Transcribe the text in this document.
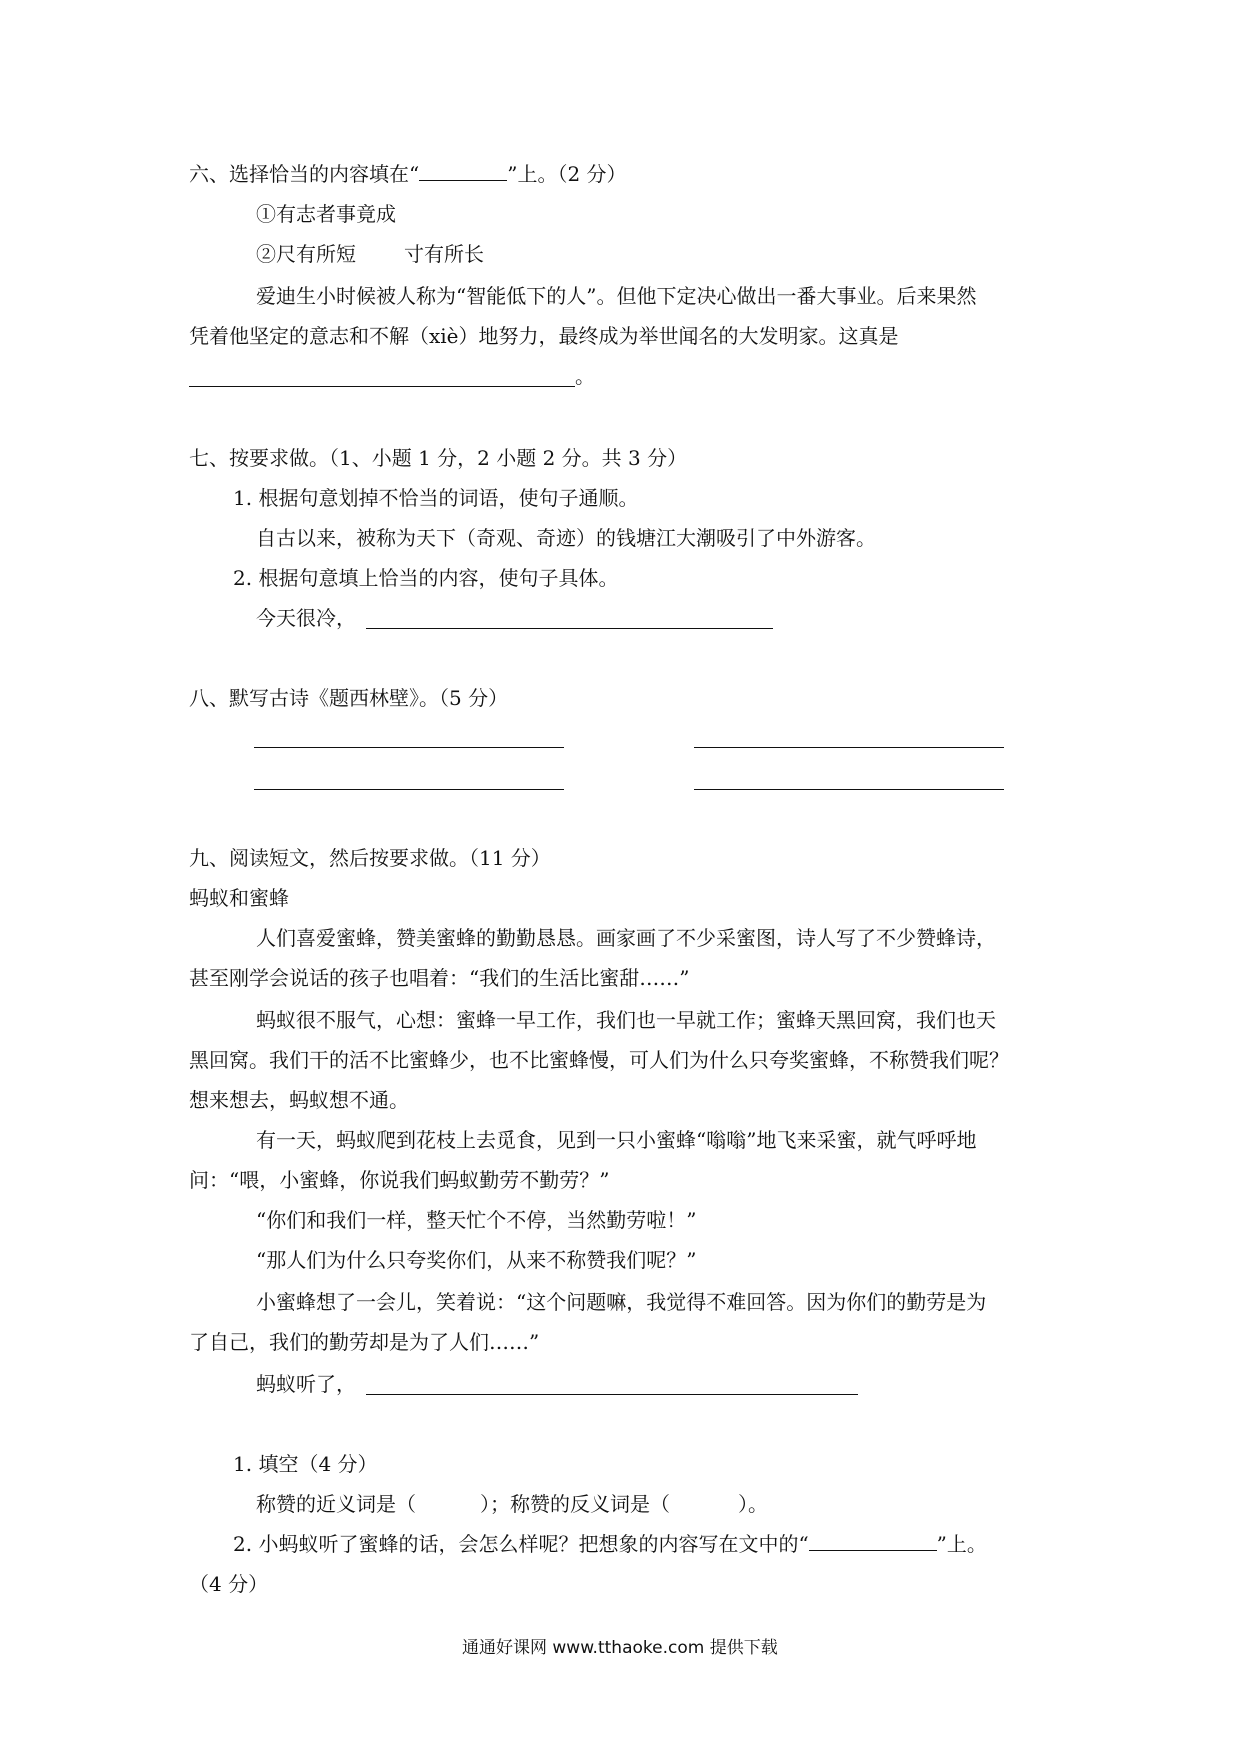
六、选择恰当的内容填在“	”上。（2 分）
①有志者事竟成
②尺有所短 寸有所长
爱迪生小时候被人称为“智能低下的人”。但他下定决心做出一番大事业。后来果然
凭着他坚定的意志和不解（xiè）地努力，最终成为举世闻名的大发明家。这真是
。
七、按要求做。（1、小题 1 分，2 小题 2 分。共 3 分）
1. 根据句意划掉不恰当的词语，使句子通顺。
自古以来，被称为天下（奇观、奇迹）的钱塘江大潮吸引了中外游客。
2. 根据句意填上恰当的内容，使句子具体。
今天很冷，
八、默写古诗《题西林壁》。（5 分）
九、阅读短文，然后按要求做。（11 分）
蚂蚁和蜜蜂
人们喜爱蜜蜂，赞美蜜蜂的勤勤恳恳。画家画了不少采蜜图，诗人写了不少赞蜂诗，
甚至刚学会说话的孩子也唱着：“我们的生活比蜜甜……”
蚂蚁很不服气，心想：蜜蜂一早工作，我们也一早就工作；蜜蜂天黑回窝，我们也天
黑回窝。我们干的活不比蜜蜂少，也不比蜜蜂慢，可人们为什么只夸奖蜜蜂，不称赞我们呢？
想来想去，蚂蚁想不通。
有一天，蚂蚁爬到花枝上去觅食，见到一只小蜜蜂“嗡嗡”地飞来采蜜，就气呼呼地
问：“喂，小蜜蜂，你说我们蚂蚁勤劳不勤劳？”
“你们和我们一样，整天忙个不停，当然勤劳啦！”
“那人们为什么只夸奖你们，从来不称赞我们呢？”
小蜜蜂想了一会儿，笑着说：“这个问题嘛，我觉得不难回答。因为你们的勤劳是为
了自己，我们的勤劳却是为了人们……”
蚂蚁听了，
1. 填空（4 分）
称赞的近义词是（	）；称赞的反义词是（	）。
2. 小蚂蚁听了蜜蜂的话，会怎么样呢？把想象的内容写在文中的“	”上。
（4 分）
通通好课网 www.tthaoke.com 提供下载
